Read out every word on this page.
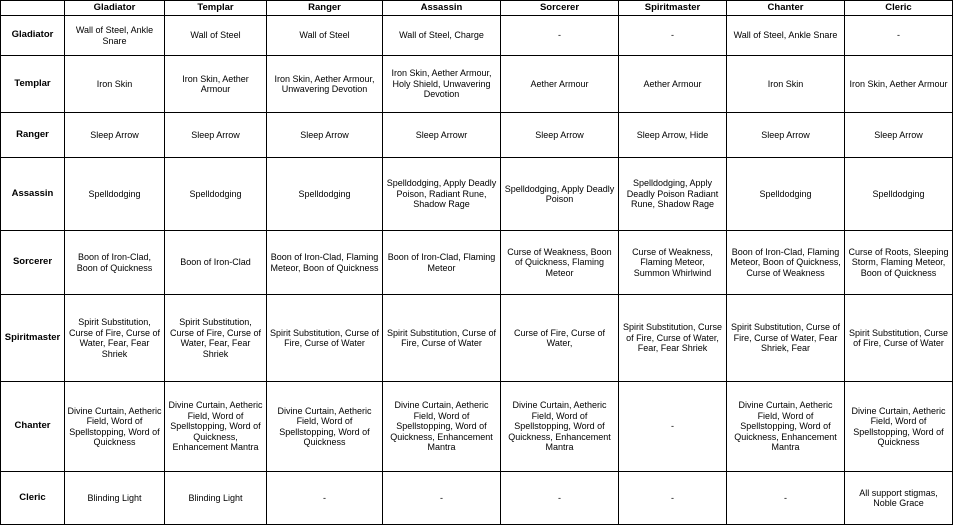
	Gladiator	Templar	Ranger	Assassin	Sorcerer	Spiritmaster	Chanter	Cleric
Gladiator	Wall of Steel, Ankle Snare	Wall of Steel	Wall of Steel	Wall of Steel, Charge	-	-	Wall of Steel, Ankle Snare	-
Templar	Iron Skin	Iron Skin, Aether Armour	Iron Skin, Aether Armour, Unwavering Devotion	Iron Skin, Aether Armour, Holy Shield, Unwavering Devotion	Aether Armour	Aether Armour	Iron Skin	Iron Skin, Aether Armour
Ranger	Sleep Arrow	Sleep Arrow	Sleep Arrow	Sleep Arrowr	Sleep Arrow	Sleep Arrow, Hide	Sleep Arrow	Sleep Arrow
Assassin	Spelldodging	Spelldodging	Spelldodging	Spelldodging, Apply Deadly Poison, Radiant Rune, Shadow Rage	Spelldodging, Apply Deadly Poison	Spelldodging, Apply Deadly Poison Radiant Rune, Shadow Rage	Spelldodging	Spelldodging
Sorcerer	Boon of Iron-Clad, Boon of Quickness	Boon of Iron-Clad	Boon of Iron-Clad, Flaming Meteor, Boon of Quickness	Boon of Iron-Clad, Flaming Meteor	Curse of Weakness, Boon of Quickness, Flaming Meteor	Curse of Weakness, Flaming Meteor, Summon Whirlwind	Boon of Iron-Clad, Flaming Meteor, Boon of Quickness, Curse of Weakness	Curse of Roots, Sleeping Storm, Flaming Meteor, Boon of Quickness
Spiritmaster	Spirit Substitution, Curse of Fire, Curse of Water, Fear, Fear Shriek	Spirit Substitution, Curse of Fire, Curse of Water, Fear, Fear Shriek	Spirit Substitution, Curse of Fire, Curse of Water	Spirit Substitution, Curse of Fire, Curse of Water	Curse of Fire, Curse of Water,	Spirit Substitution, Curse of Fire, Curse of Water, Fear, Fear Shriek	Spirit Substitution, Curse of Fire, Curse of Water, Fear Shriek, Fear	Spirit Substitution, Curse of Fire, Curse of Water
Chanter	Divine Curtain, Aetheric Field, Word of Spellstopping, Word of Quickness	Divine Curtain, Aetheric Field, Word of Spellstopping, Word of Quickness, Enhancement Mantra	Divine Curtain, Aetheric Field, Word of Spellstopping, Word of Quickness	Divine Curtain, Aetheric Field, Word of Spellstopping, Word of Quickness, Enhancement Mantra	Divine Curtain, Aetheric Field, Word of Spellstopping, Word of Quickness, Enhancement Mantra	-	Divine Curtain, Aetheric Field, Word of Spellstopping, Word of Quickness, Enhancement Mantra	Divine Curtain, Aetheric Field, Word of Spellstopping, Word of Quickness
Cleric	Blinding Light	Blinding Light	-	-	-	-	-	All support stigmas, Noble Grace
